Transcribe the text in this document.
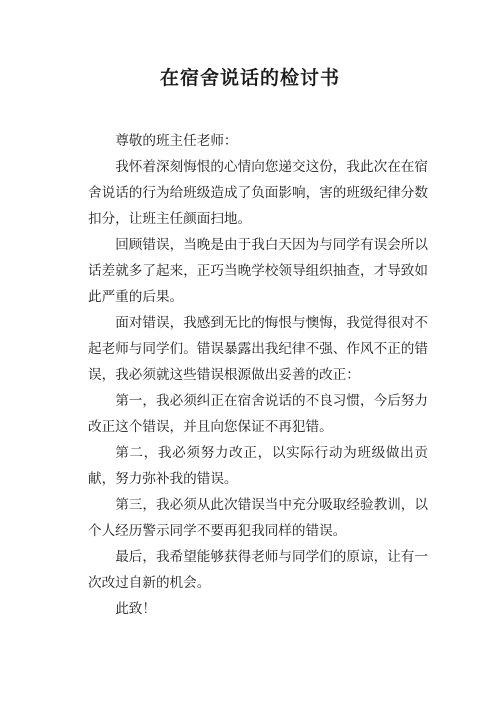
在宿舍说话的检讨书

尊敬的班主任老师：

我怀着深刻悔恨的心情向您递交这份，我此次在在宿舍说话的行为给班级造成了负面影响，害的班级纪律分数扣分，让班主任颜面扫地。

回顾错误，当晚是由于我白天因为与同学有误会所以话差就多了起来，正巧当晚学校领导组织抽查，才导致如此严重的后果。

面对错误，我感到无比的悔恨与懊悔，我觉得很对不起老师与同学们。错误暴露出我纪律不强、作风不正的错误，我必须就这些错误根源做出妥善的改正：

第一，我必须纠正在宿舍说话的不良习惯，今后努力改正这个错误，并且向您保证不再犯错。

第二，我必须努力改正，以实际行动为班级做出贡献，努力弥补我的错误。

第三，我必须从此次错误当中充分吸取经验教训，以个人经历警示同学不要再犯我同样的错误。

最后，我希望能够获得老师与同学们的原谅，让有一次改过自新的机会。

此致！
